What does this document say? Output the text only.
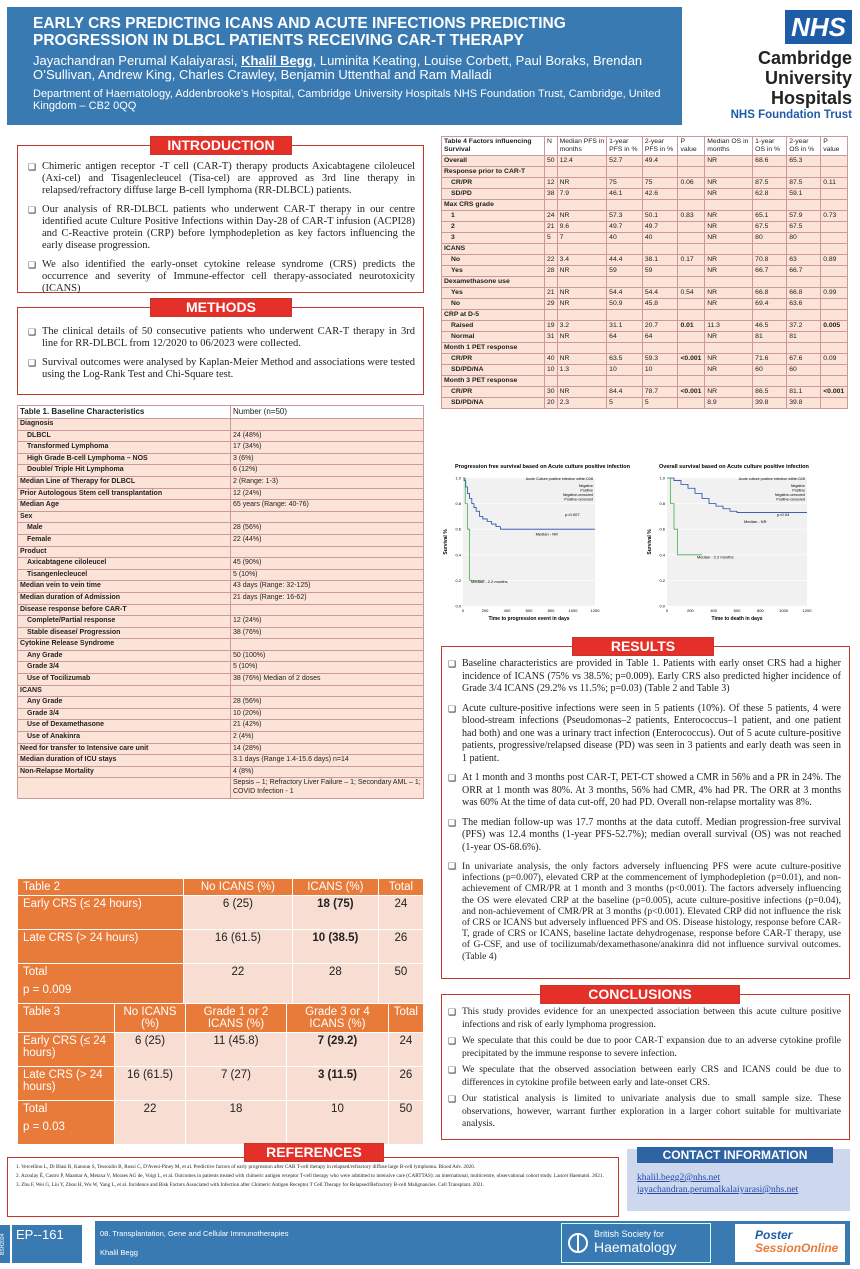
EARLY CRS PREDICTING ICANS AND ACUTE INFECTIONS PREDICTING PROGRESSION IN DLBCL PATIENTS RECEIVING CAR-T THERAPY
Jayachandran Perumal Kalaiyarasi, Khalil Begg, Luminita Keating, Louise Corbett, Paul Boraks, Brendan O’Sullivan, Andrew King, Charles Crawley, Benjamin Uttenthal and Ram Malladi
Department of Haematology, Addenbrooke’s Hospital, Cambridge University Hospitals NHS Foundation Trust, Cambridge, United Kingdom – CB2 0QQ
NHS
Cambridge
University Hospitals
NHS Foundation Trust
❑ Chimeric antigen receptor -T cell (CAR-T) therapy products Axicabtagene ciloleucel (Axi-cel) and Tisagenlecleucel (Tisa-cel) are approved as 3rd line therapy in relapsed/refractory diffuse large B-cell lymphoma (RR-DLBCL) patients.
❑ Our analysis of RR-DLBCL patients who underwent CAR-T therapy in our centre identified acute Culture Positive Infections within Day-28 of CAR-T infusion (ACPI28) and C-Reactive protein (CRP) before lymphodepletion as key factors influencing the early disease progression.
❑ We also identified the early-onset cytokine release syndrome (CRS) predicts the occurrence and severity of Immune-effector cell therapy-associated neurotoxicity (ICANS)
INTRODUCTION
❑ The clinical details of 50 consecutive patients who underwent CAR-T therapy in 3rd line for RR-DLBCL from 12/2020 to 06/2023 were collected.
❑ Survival outcomes were analysed by Kaplan-Meier Method and associations were tested using the Log-Rank Test and Chi-Square test.
METHODS
Table 1. Baseline Characteristics	Number (n=50)
Diagnosis	
DLBCL	24 (48%)
Transformed Lymphoma	17 (34%)
High Grade B-cell Lymphoma – NOS	3 (6%)
Double/ Triple Hit Lymphoma	6 (12%)
Median Line of Therapy for DLBCL	2 (Range: 1-3)
Prior Autologous Stem cell transplantation	12 (24%)
Median Age	65 years (Range: 40-76)
Sex	
Male	28 (56%)
Female	22 (44%)
Product	
Axicabtagene ciloleucel	45 (90%)
Tisangenlecleucel	5 (10%)
Median vein to vein time	43 days (Range: 32-125)
Median duration of Admission	21 days (Range: 16-62)
Disease response before CAR-T	
Complete/Partial response	12 (24%)
Stable disease/ Progression	38 (76%)
Cytokine Release Syndrome	
Any Grade	50 (100%)
Grade 3/4	5 (10%)
Use of Tocilizumab	38 (76%) Median of 2 doses
ICANS	
Any Grade	28 (56%)
Grade 3/4	10 (20%)
Use of Dexamethasone	21 (42%)
Use of Anakinra	2 (4%)
Need for transfer to Intensive care unit	14 (28%)
Median duration of ICU stays	3.1 days (Range 1.4-15.6 days) n=14
Non-Relapse Mortality	4 (8%)
	Sepsis – 1; Refractory Liver Failure – 1; Secondary AML – 1; COVID Infection - 1
Table 2	No ICANS (%)	ICANS (%)	Total
Early CRS (≤ 24 hours)	6 (25)	18 (75)	24
Late CRS (> 24 hours)	16 (61.5)	10 (38.5)	26
Total
p = 0.009	22	28	50
Table 3	No ICANS (%)	Grade 1 or 2 ICANS (%)	Grade 3 or 4 ICANS (%)	Total
Early CRS (≤ 24 hours)	6 (25)	11 (45.8)	7 (29.2)	24
Late CRS (> 24 hours)	16 (61.5)	7 (27)	3 (11.5)	26
Total
p = 0.03	22	18	10	50
Table 4 Factors influencing Survival	N	Median PFS in months	1-year PFS in %	2-year PFS in %	P value	Median OS in months	1-year OS in %	2-year OS in %	P value
Overall	50	12.4	52.7	49.4		NR	68.6	65.3	
Response prior to CAR-T									
CR/PR	12	NR	75	75	0.06	NR	87.5	87.5	0.11
SD/PD	38	7.9	46.1	42.6		NR	62.8	59.1	
Max CRS grade									
1	24	NR	57.3	50.1	0.83	NR	65.1	57.9	0.73
2	21	9.6	49.7	49.7		NR	67.5	67.5	
3	5	7	40	40		NR	80	80	
ICANS									
No	22	3.4	44.4	38.1	0.17	NR	70.8	63	0.89
Yes	28	NR	59	59		NR	66.7	66.7	
Dexamethasone use									
Yes	21	NR	54.4	54.4	0.54	NR	66.8	66.8	0.99
No	29	NR	50.9	45.8		NR	69.4	63.6	
CRP at D-5									
Raised	19	3.2	31.1	20.7	0.01	11.3	46.5	37.2	0.005
Normal	31	NR	64	64		NR	81	81	
Month 1 PET response									
CR/PR	40	NR	63.5	59.3	<0.001	NR	71.6	67.6	0.09
SD/PD/NA	10	1.3	10	10		NR	60	60	
Month 3 PET response									
CR/PR	30	NR	84.4	78.7	<0.001	NR	86.5	81.1	<0.001
SD/PD/NA	20	2.3	5	5		8.9	39.8	39.8	
Progression free survival based on Acute culture positive infection
0.0
0.2
0.4
0.6
0.8
1.0
0	200	400	600	800	1000	1200
Time to progression event in days
Survival %
Acute Culture positive infection within D28
Negative
Positive
Negative-censored
Positive-censored
p=0.007
Median - NR
Median - 2.2 months
Overall survival based on Acute culture positive infection
0.0
0.2
0.4
0.6
0.8
1.0
0	200	400	600	800	1000	1200
Time to death in days
Survival %
Acute culture positive infection within D28
Negative
Positive
Negative-censored
Positive-censored
p=0.04
Median - NR
Median - 2.2 months
❑ Baseline characteristics are provided in Table 1. Patients with early onset CRS had a higher incidence of ICANS (75% vs 38.5%; p=0.009). Early CRS also predicted higher incidence of Grade 3/4 ICANS (29.2% vs 11.5%; p=0.03) (Table 2 and Table 3)
❑ Acute culture-positive infections were seen in 5 patients (10%). Of these 5 patients, 4 were blood-stream infections (Pseudomonas–2 patients, Enterococcus–1 patient, and one patient had both) and one was a urinary tract infection (Enterococcus). Out of 5 acute culture-positive patients, progressive/relapsed disease (PD) was seen in 3 patients and early death was seen in 1 patient.
❑ At 1 month and 3 months post CAR-T, PET-CT showed a CMR in 56% and a PR in 24%. The ORR at 1 month was 80%. At 3 months, 56% had CMR, 4% had PR. The ORR at 3 months was 60% At the time of data cut-off, 20 had PD. Overall non-relapse mortality was 8%.
❑ The median follow-up was 17.7 months at the data cutoff. Median progression-free survival (PFS) was 12.4 months (1-year PFS-52.7%); median overall survival (OS) was not reached (1-year OS-68.6%).
❑ In univariate analysis, the only factors adversely influencing PFS were acute culture-positive infections (p=0.007), elevated CRP at the commencement of lymphodepletion (p=0.01), and non-achievement of CMR/PR at 1 month and 3 months (p<0.001). The factors adversely influencing the OS were elevated CRP at the baseline (p=0.005), acute culture-positive infections (p=0.04), and non-achievement of CMR/PR at 3 months (p<0.001). Elevated CRP did not influence the risk of CRS or ICANS but adversely influenced PFS and OS. Disease histology, response before CAR-T, grade of CRS or ICANS, baseline lactate dehydrogenase, response before CAR-T therapy, use of G-CSF, and use of tocilizumab/dexamethasone/anakinra did not influence survival outcomes. (Table 4)
RESULTS
❑ This study provides evidence for an unexpected association between this acute culture positive infections and risk of early lymphoma progression.
❑ We speculate that this could be due to poor CAR-T expansion due to an adverse cytokine profile precipitated by the immune response to severe infection.
❑ We speculate that the observed association between early CRS and ICANS could be due to differences in cytokine profile between early and late-onset CRS.
❑ Our statistical analysis is limited to univariate analysis due to small sample size. These observations, however, warrant further exploration in a larger cohort suitable for multivariate analysis.
CONCLUSIONS
1. Vercellino L, Di Blasi R, Kanoun S, Tessoulin B, Rossi C, D'Aveni-Piney M, et al. Predictive factors of early progression after CAR T-cell therapy in relapsed/refractory diffuse large B-cell lymphoma. Blood Adv. 2020.
2. Azoulay É, Castro P, Maamar A, Metaxa V, Moraes AG de, Voigt L, et al. Outcomes in patients treated with chimeric antigen receptor T-cell therapy who were admitted to intensive care (CARTTAS): an international, multicentre, observational cohort study. Lancet Haematol. 2021.
3. Zhu F, Wei G, Liu Y, Zhou H, Wu W, Yang L, et al. Incidence and Risk Factors Associated with Infection after Chimeric Antigen Receptor T Cell Therapy for Relapsed/Refractory B-cell Malignancies. Cell Transplant. 2021.
REFERENCES	CONTACT INFORMATION
khalil.begg2@nhs.net
jayachandran.perumalkalaiyarasi@nhs.net
BSH2024 EP--161	08. Transplantation, Gene and Cellular Immunotherapies
Khalil Begg
British Society for
Haematology
Poster
SessionOnline
